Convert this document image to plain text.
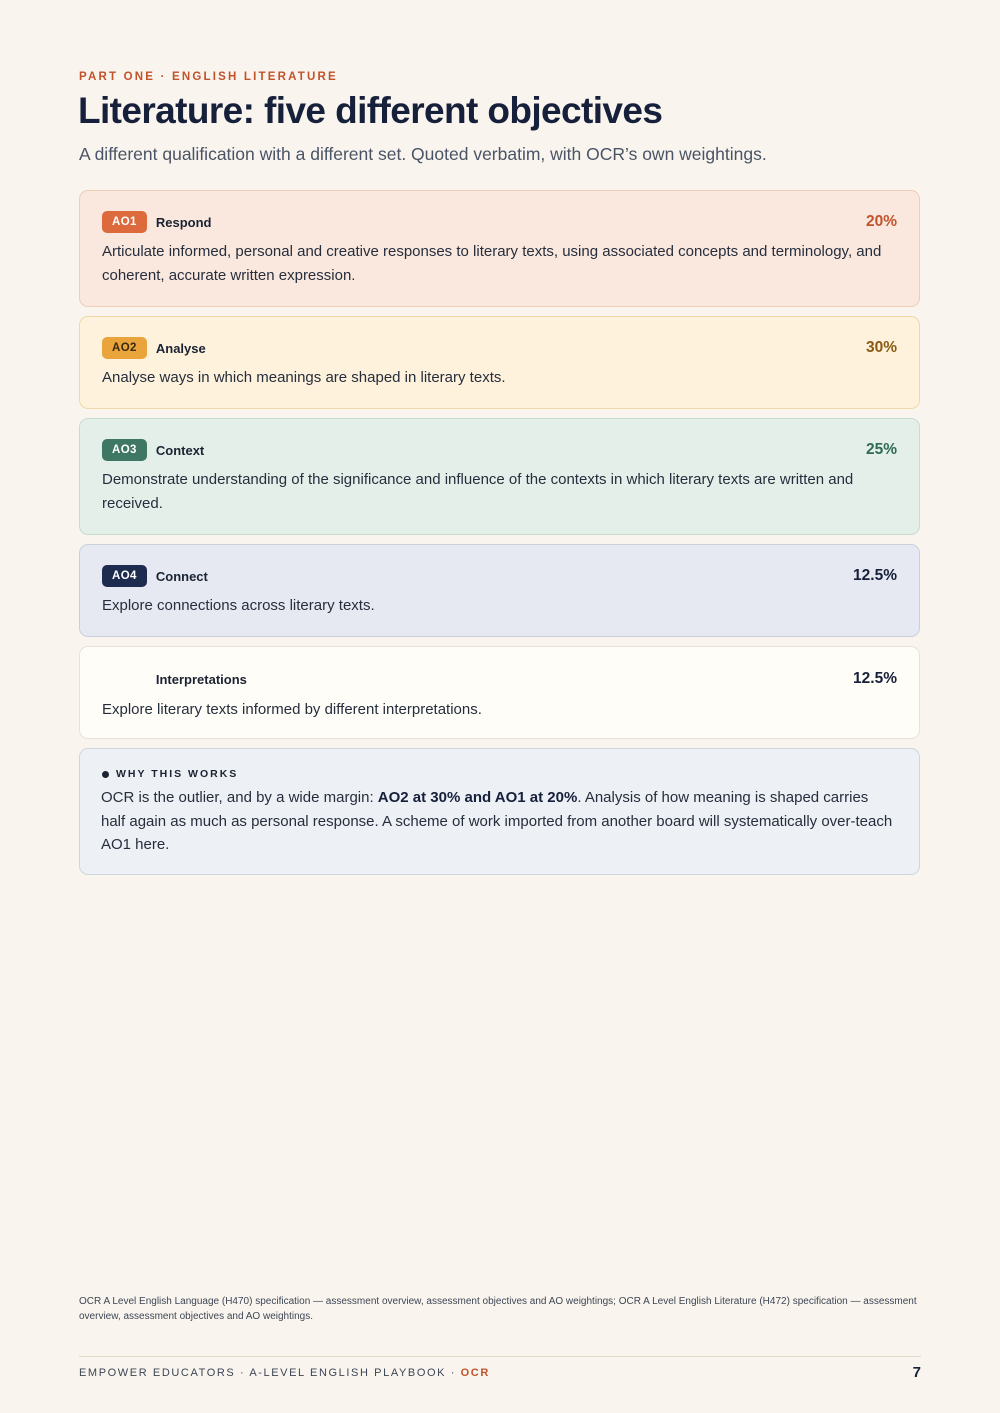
PART ONE · ENGLISH LITERATURE
Literature: five different objectives

A different qualification with a different set. Quoted verbatim, with OCR’s own weightings.

AO1	Respond	20%

Articulate informed, personal and creative responses to literary texts, using associated concepts and terminology, and coherent, accurate written expression.

AO2	Analyse	30%

Analyse ways in which meanings are shaped in literary texts.

AO3	Context	25%

Demonstrate understanding of the significance and influence of the contexts in which literary texts are written and received.

AO4	Connect	12.5%

Explore connections across literary texts.

Interpretations	12.5%

Explore literary texts informed by different interpretations.

WHY THIS WORKS

OCR is the outlier, and by a wide margin: AO2 at 30% and AO1 at 20%. Analysis of how meaning is shaped carries half again as much as personal response. A scheme of work imported from another board will systematically over-teach AO1 here.

OCR A Level English Language (H470) specification — assessment overview, assessment objectives and AO weightings; OCR A Level English Literature (H472) specification — assessment overview, assessment objectives and AO weightings.

EMPOWER EDUCATORS · A-LEVEL ENGLISH PLAYBOOK · OCR	7
